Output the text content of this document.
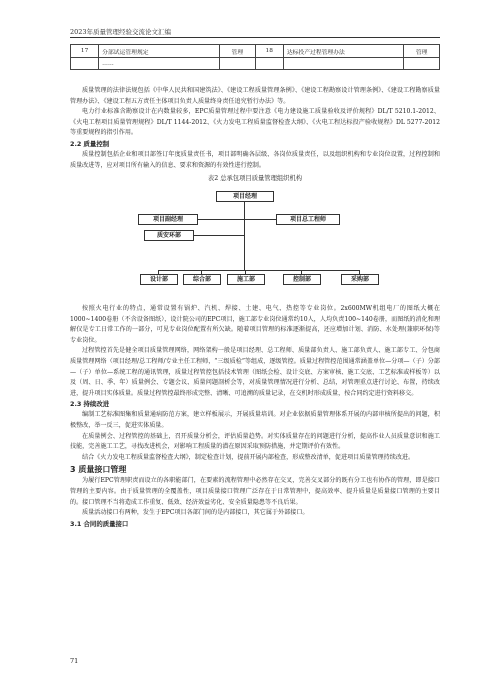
2023年质量管理经验交流论文汇编
17	分部试运管理规定	管理	18	达标投产过程管理办法	管理
	……				

质量管理的法律法规包括《中华人民共和国建筑法》、《建设工程质量管理条例》、《建设工程勘察设计管理条例》、《建设工程勘察质量管理办法》、《建设工程五方责任主体项目负责人质量终身责任追究暂行办法》等。

电力行业标准含勘察设计在内数量较多，EPC质量管理过程中要注意《电力建设施工质量验收及评价规程》DL/T 5210.1-2012、《火电工程项目质量管理规程》DL/T 1144-2012、《火力发电工程质量监督检查大纲》、《火电工程达标投产验收规程》DL 5277-2012等重要规程的指引作用。

2.2 质量控制

质量控制包括企业和项目部签订年度质量责任书，项目部明确各层级、各岗位质量责任，以及组织机构和专业岗位设置，过程控制和质量改进等，应对项目所有输入的信息、要求和资源的有效性进行控制。

表2 总承包项目质量管理组织机构
项目经理
项目副经理	项目总工程师
质安环部
设计部	综合部	施工部	控制部	采购部

按照火电行业的特点，通常设置有锅炉、汽机、焊接、土建、电气、热控等专业岗位。2x600MW机组电厂的图纸大概在1000~1400卷册（不含设备图纸），设计院公司的EPC项目，施工部专业岗位通常约10人，人均负责100~140卷册，而图纸的消化和理解仅是专工日常工作的一部分，可见专业岗位配置有所欠缺。随着项目管理的标准逐渐提高，还应增加计划、消防、水处理(兼职环保)等专业岗位。

过程管控首先是健全项目质量管理网络，网络架构一般是项目经理、总工程师、质量部负责人、施工部负责人、施工部专工、分包商质量管理网络（项目经理/总工程师/专业主任工程师，“三级质检”等组成，逐级管控。质量过程管控范围通常涵盖单位—分项—（子）分部—（子）单位—系统工程的通讯管理，质量过程管控包括技术管理（图纸会检、设计交底、方案审核、施工交底、工艺标准或样板等）以及（周、日、季、年）质量例会、专题会议、质量问题剖析会等，对质量管理情况进行分析、总结，对管理重点进行讨论、布置，持续改进，提升项目实体质量。质量过程管控最终形成完整、清晰、可追溯的质量记录，在交机时形成质量，按合同约定进行资料移交。

2.3 持续改进

编制工艺标准图集和质量通病防范方案，建立样板展示，开展质量培训。对企业依据质量管理体系开展的内部审核所提出的问题，积极整改，举一反三，促进实体质量。

在质量例会、过程管控的基础上，召开质量分析会，评估质量趋势。对实体质量存在的问题进行分析，提高作业人员质量意识和施工技能，完善施工工艺，寻找改进机会，对影响工程质量的潜在原因采取预防措施，并定期评价有效性。

结合《火力发电工程质量监督检查大纲》，制定检查计划，提前开展内部检查，形成整改清单，促进项目质量管理持续改进。

3 质量接口管理

为履行EPC管理职责而设立的各职能部门，在要素的流程管理中必然存在交叉，完善交叉部分的既有分工也有协作的管理，即是接口管理的主要内容。由于质量管理的全覆盖性，项目质量接口管理广泛存在于日常管理中，提高效率、提升质量是质量接口管理的主要目的。接口管理不当将造成工作重复、低效、经济效益劣化、安全质量隐患等不良后果。

质量活动接口有两种，发生于EPC项目各部门间的是内部接口，其它属于外部接口。

3.1 合同的质量接口
71
